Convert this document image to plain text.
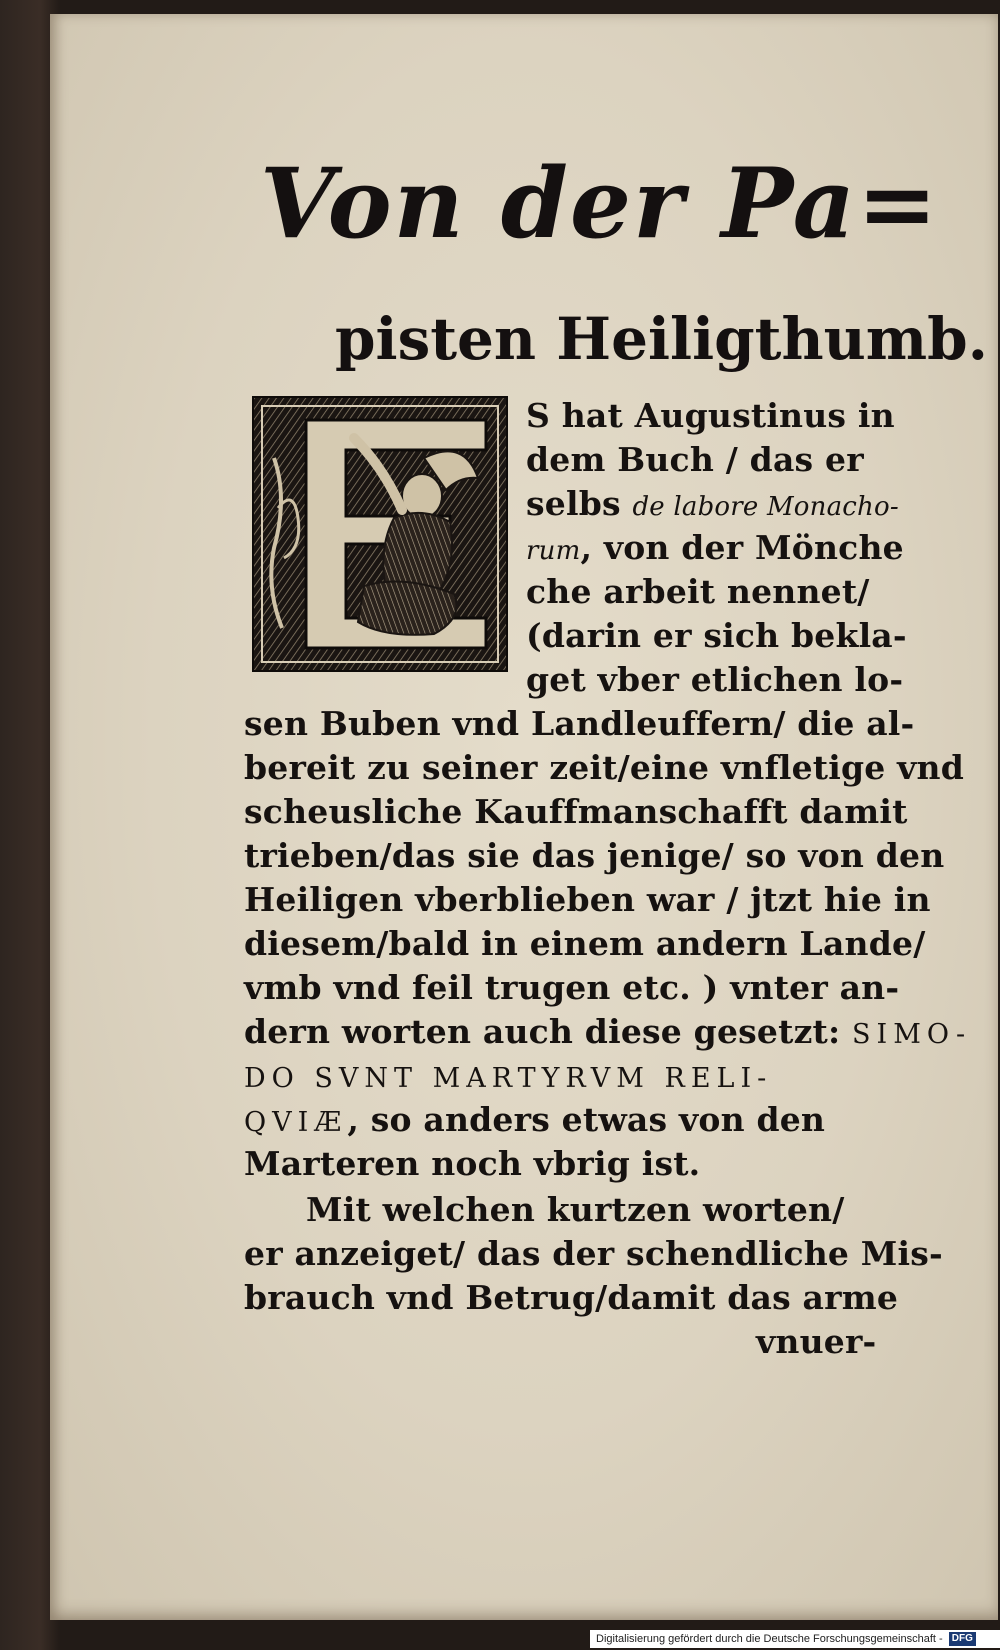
Von der Pa=
pisten Heiligthumb.
S hat Augustinus in
dem Buch / das er
selbs de labore Monacho-
rum, von der Mönche
che arbeit nennet/
(darin er sich bekla-
get vber etlichen lo-
sen Buben vnd Landleuffern/ die al-
bereit zu seiner zeit/eine vnfletige vnd
scheusliche Kauffmanschafft damit
trieben/das sie das jenige/ so von den
Heiligen vberblieben war / jtzt hie in
diesem/bald in einem andern Lande/
vmb vnd feil trugen etc. ) vnter an-
dern worten auch diese gesetzt: SIMO-
DO SVNT MARTYRVM RELI-
QVIÆ, so anders etwas von den
Marteren noch vbrig ist.
Mit welchen kurtzen worten/
er anzeiget/ das der schendliche Mis-
brauch vnd Betrug/damit das arme
vnuer-
Digitalisierung gefördert durch die Deutsche Forschungsgemeinschaft - DFG
